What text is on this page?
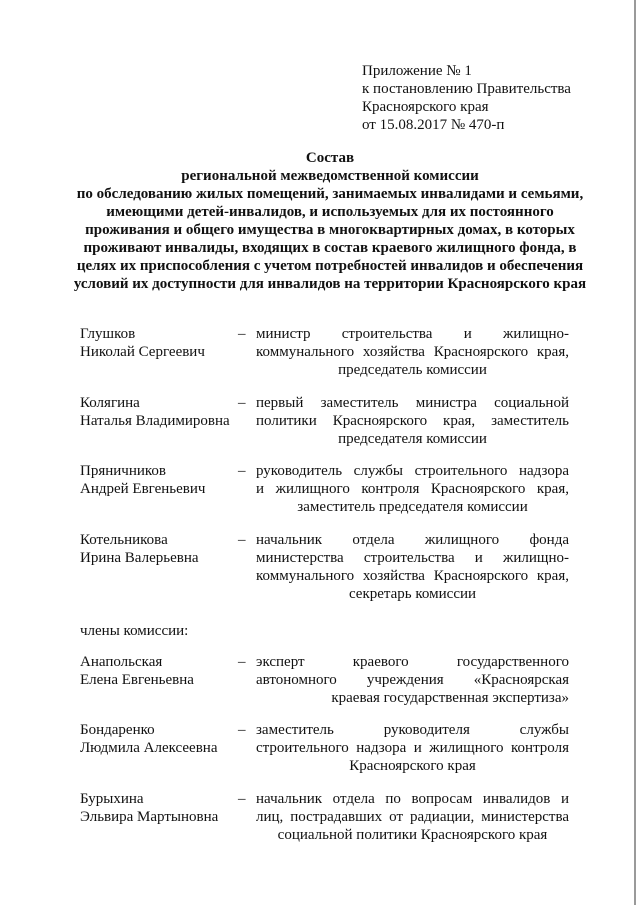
Приложение № 1
к постановлению Правительства
Красноярского края
от 15.08.2017 № 470-п
Состав
региональной межведомственной комиссии
по обследованию жилых помещений, занимаемых инвалидами и семьями,
имеющими детей-инвалидов, и используемых для их постоянного
проживания и общего имущества в многоквартирных домах, в которых
проживают инвалиды, входящих в состав краевого жилищного фонда, в
целях их приспособления с учетом потребностей инвалидов и обеспечения
условий их доступности для инвалидов на территории Красноярского края
Глушков
Николай Сергеевич
– министр строительства и жилищно-
коммунального хозяйства Красноярского края,
председатель комиссии
Колягина
Наталья Владимировна
– первый заместитель министра социальной
политики Красноярского края, заместитель
председателя комиссии
Пряничников
Андрей Евгеньевич
– руководитель службы строительного надзора
и жилищного контроля Красноярского края,
заместитель председателя комиссии
Котельникова
Ирина Валерьевна
– начальник отдела жилищного фонда
министерства строительства и жилищно-
коммунального хозяйства Красноярского края,
секретарь комиссии
члены комиссии:
Анапольская
Елена Евгеньевна
– эксперт краевого государственного
автономного учреждения «Красноярская
краевая государственная экспертиза»
Бондаренко
Людмила Алексеевна
– заместитель руководителя службы
строительного надзора и жилищного контроля
Красноярского края
Бурыхина
Эльвира Мартыновна
– начальник отдела по вопросам инвалидов и
лиц, пострадавших от радиации, министерства
социальной политики Красноярского края
